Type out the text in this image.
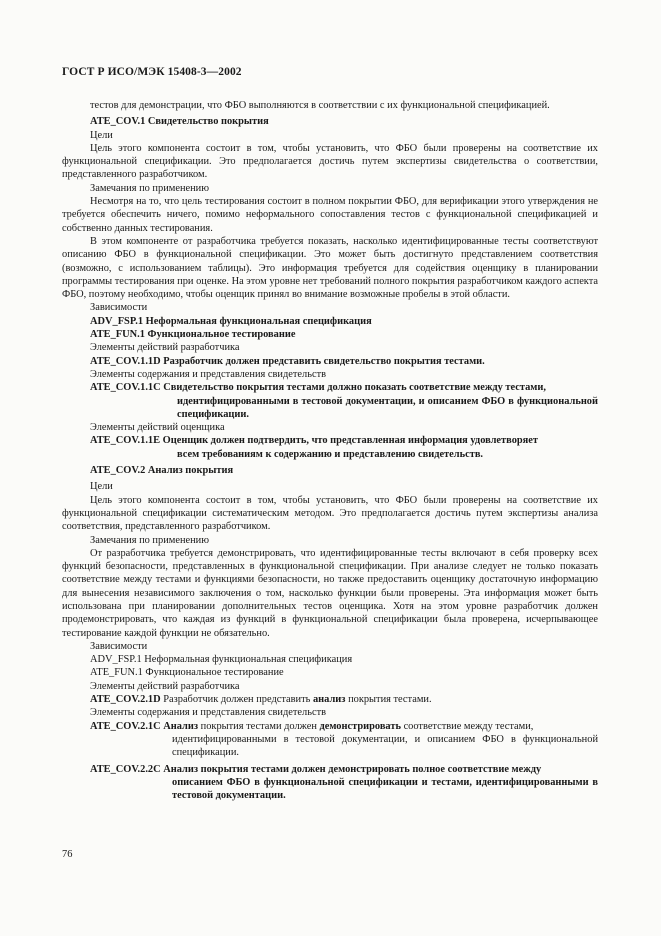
ГОСТ Р ИСО/МЭК 15408-3—2002

тестов для демонстрации, что ФБО выполняются в соответствии с их функциональной спецификацией.

ATE_COV.1 Свидетельство покрытия

Цели

Цель этого компонента состоит в том, чтобы установить, что ФБО были проверены на соответствие их функциональной спецификации. Это предполагается достичь путем экспертизы свидетельства о соответствии, представленного разработчиком.

Замечания по применению

Несмотря на то, что цель тестирования состоит в полном покрытии ФБО, для верификации этого утверждения не требуется обеспечить ничего, помимо неформального сопоставления тестов с функциональной спецификацией и собственно данных тестирования.

В этом компоненте от разработчика требуется показать, насколько идентифицированные тесты соответствуют описанию ФБО в функциональной спецификации. Это может быть достигнуто представлением соответствия (возможно, с использованием таблицы). Это информация требуется для содействия оценщику в планировании программы тестирования при оценке. На этом уровне нет требований полного покрытия разработчиком каждого аспекта ФБО, поэтому необходимо, чтобы оценщик принял во внимание возможные пробелы в этой области.

Зависимости

ADV_FSP.1 Неформальная функциональная спецификация

ATE_FUN.1 Функциональное тестирование

Элементы действий разработчика

ATE_COV.1.1D Разработчик должен представить свидетельство покрытия тестами.

Элементы содержания и представления свидетельств

ATE_COV.1.1C Свидетельство покрытия тестами должно показать соответствие между тестами,
идентифицированными в тестовой документации, и описанием ФБО в функциональной спецификации.

Элементы действий оценщика

ATE_COV.1.1E Оценщик должен подтвердить, что представленная информация удовлетворяет
всем требованиям к содержанию и представлению свидетельств.

ATE_COV.2 Анализ покрытия

Цели

Цель этого компонента состоит в том, чтобы установить, что ФБО были проверены на соответствие их функциональной спецификации систематическим методом. Это предполагается достичь путем экспертизы анализа соответствия, представленного разработчиком.

Замечания по применению

От разработчика требуется демонстрировать, что идентифицированные тесты включают в себя проверку всех функций безопасности, представленных в функциональной спецификации. При анализе следует не только показать соответствие между тестами и функциями безопасности, но также предоставить оценщику достаточную информацию для вынесения независимого заключения о том, насколько функции были проверены. Эта информация может быть использована при планировании дополнительных тестов оценщика. Хотя на этом уровне разработчик должен продемонстрировать, что каждая из функций в функциональной спецификации была проверена, исчерпывающее тестирование каждой функции не обязательно.

Зависимости

ADV_FSP.1 Неформальная функциональная спецификация

ATE_FUN.1 Функциональное тестирование

Элементы действий разработчика

ATE_COV.2.1D Разработчик должен представить анализ покрытия тестами.

Элементы содержания и представления свидетельств

ATE_COV.2.1C Анализ покрытия тестами должен демонстрировать соответствие между тестами,
идентифицированными в тестовой документации, и описанием ФБО в функциональной спецификации.

ATE_COV.2.2C Анализ покрытия тестами должен демонстрировать полное соответствие между
описанием ФБО в функциональной спецификации и тестами, идентифицированными в тестовой документации.

76
